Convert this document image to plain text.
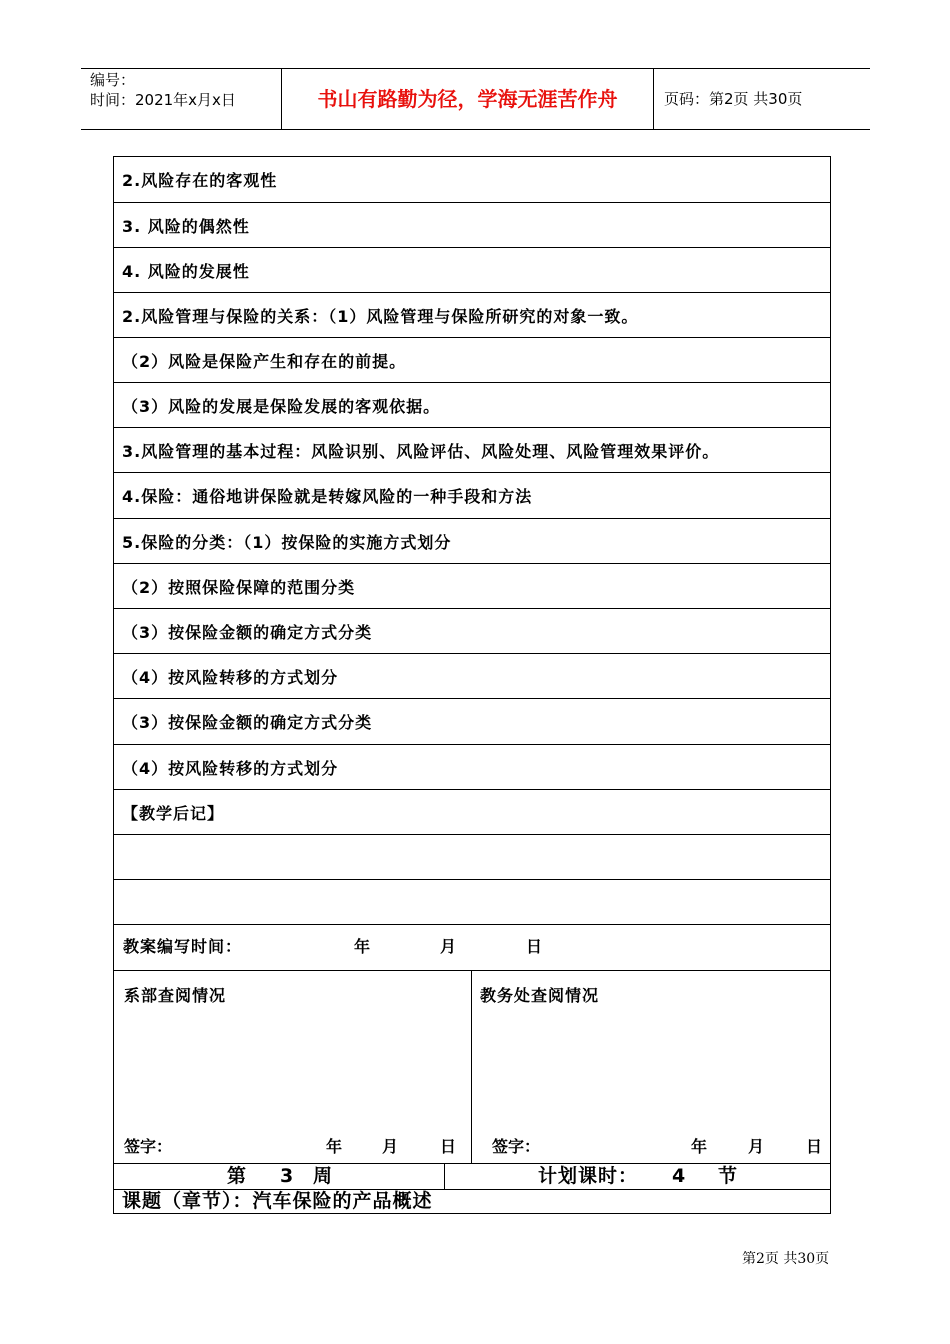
编号：
时间：2021年x月x日	书山有路勤为径，学海无涯苦作舟	页码：第2页 共30页
2.风险存在的客观性
3. 风险的偶然性
4. 风险的发展性
2.风险管理与保险的关系：（1）风险管理与保险所研究的对象一致。
（2）风险是保险产生和存在的前提。
（3）风险的发展是保险发展的客观依据。
3.风险管理的基本过程：风险识别、风险评估、风险处理、风险管理效果评价。
4.保险：通俗地讲保险就是转嫁风险的一种手段和方法
5.保险的分类：（1）按保险的实施方式划分
（2）按照保险保障的范围分类
（3）按保险金额的确定方式分类
（4）按风险转移的方式划分
（3）按保险金额的确定方式分类
（4）按风险转移的方式划分
【教学后记】
教案编写时间：	年	月	日
系部查阅情况
签字：	年 月	日
教务处查阅情况
签字：	年	月	日
第 3 周	计划课时： 4 节
课题（章节）：汽车保险的产品概述
第2页 共30页
